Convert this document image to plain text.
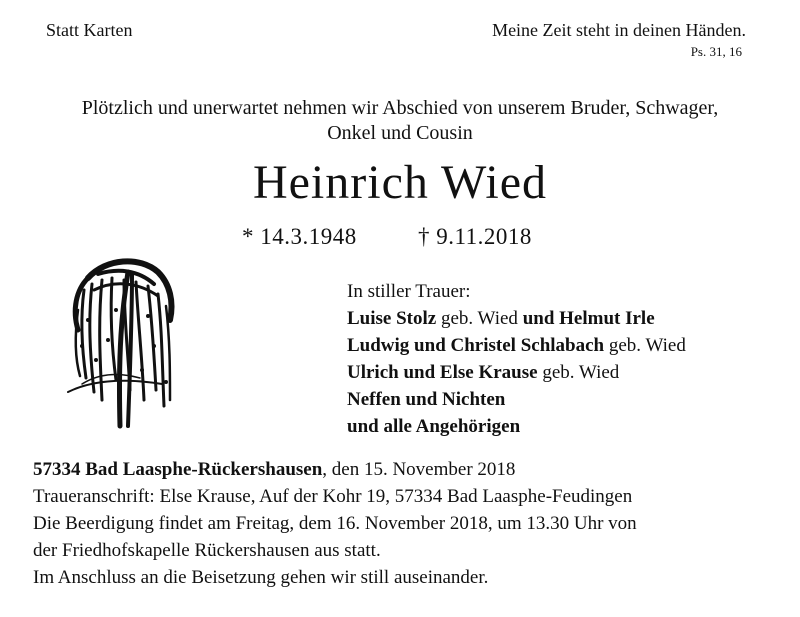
Statt Karten	Meine Zeit steht in deinen Händen.
Ps. 31, 16
Plötzlich und unerwartet nehmen wir Abschied von unserem Bruder, Schwager,
Onkel und Cousin
Heinrich Wied
* 14.3.1948	† 9.11.2018
In stiller Trauer:
Luise Stolz geb. Wied und Helmut Irle
Ludwig und Christel Schlabach geb. Wied
Ulrich und Else Krause geb. Wied
Neffen und Nichten
und alle Angehörigen
57334 Bad Laasphe-Rückershausen, den 15. November 2018
Traueranschrift: Else Krause, Auf der Kohr 19, 57334 Bad Laasphe-Feudingen
Die Beerdigung findet am Freitag, dem 16. November 2018, um 13.30 Uhr von
der Friedhofskapelle Rückershausen aus statt.
Im Anschluss an die Beisetzung gehen wir still auseinander.
